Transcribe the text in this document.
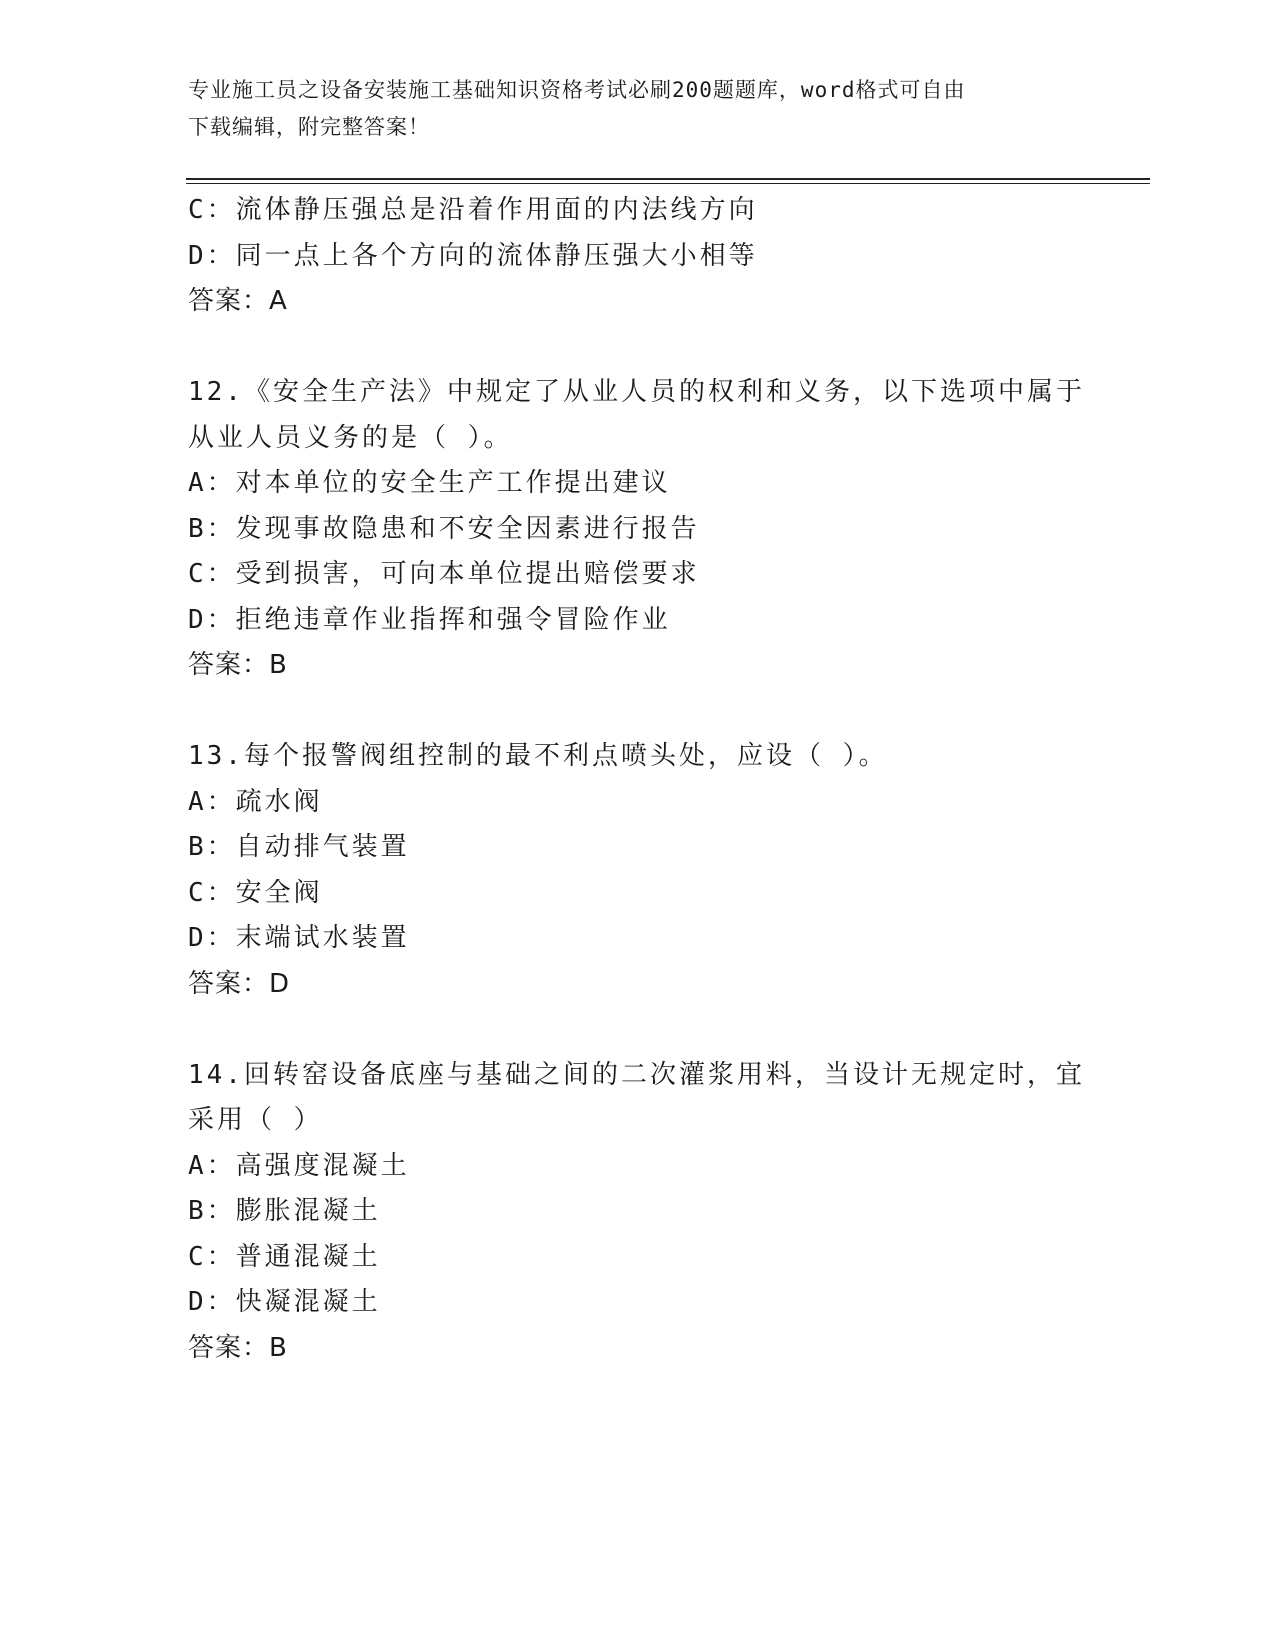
专业施工员之设备安装施工基础知识资格考试必刷200题题库，word格式可自由
下载编辑，附完整答案！
C：流体静压强总是沿着作用面的内法线方向
D：同一点上各个方向的流体静压强大小相等
答案：A
12.《安全生产法》中规定了从业人员的权利和义务，以下选项中属于
从业人员义务的是（ ）。
A：对本单位的安全生产工作提出建议
B：发现事故隐患和不安全因素进行报告
C：受到损害，可向本单位提出赔偿要求
D：拒绝违章作业指挥和强令冒险作业
答案：B
13.每个报警阀组控制的最不利点喷头处，应设（ ）。
A：疏水阀
B：自动排气装置
C：安全阀
D：末端试水装置
答案：D
14.回转窑设备底座与基础之间的二次灌浆用料，当设计无规定时，宜
采用（ ）
A：高强度混凝土
B：膨胀混凝土
C：普通混凝土
D：快凝混凝土
答案：B
